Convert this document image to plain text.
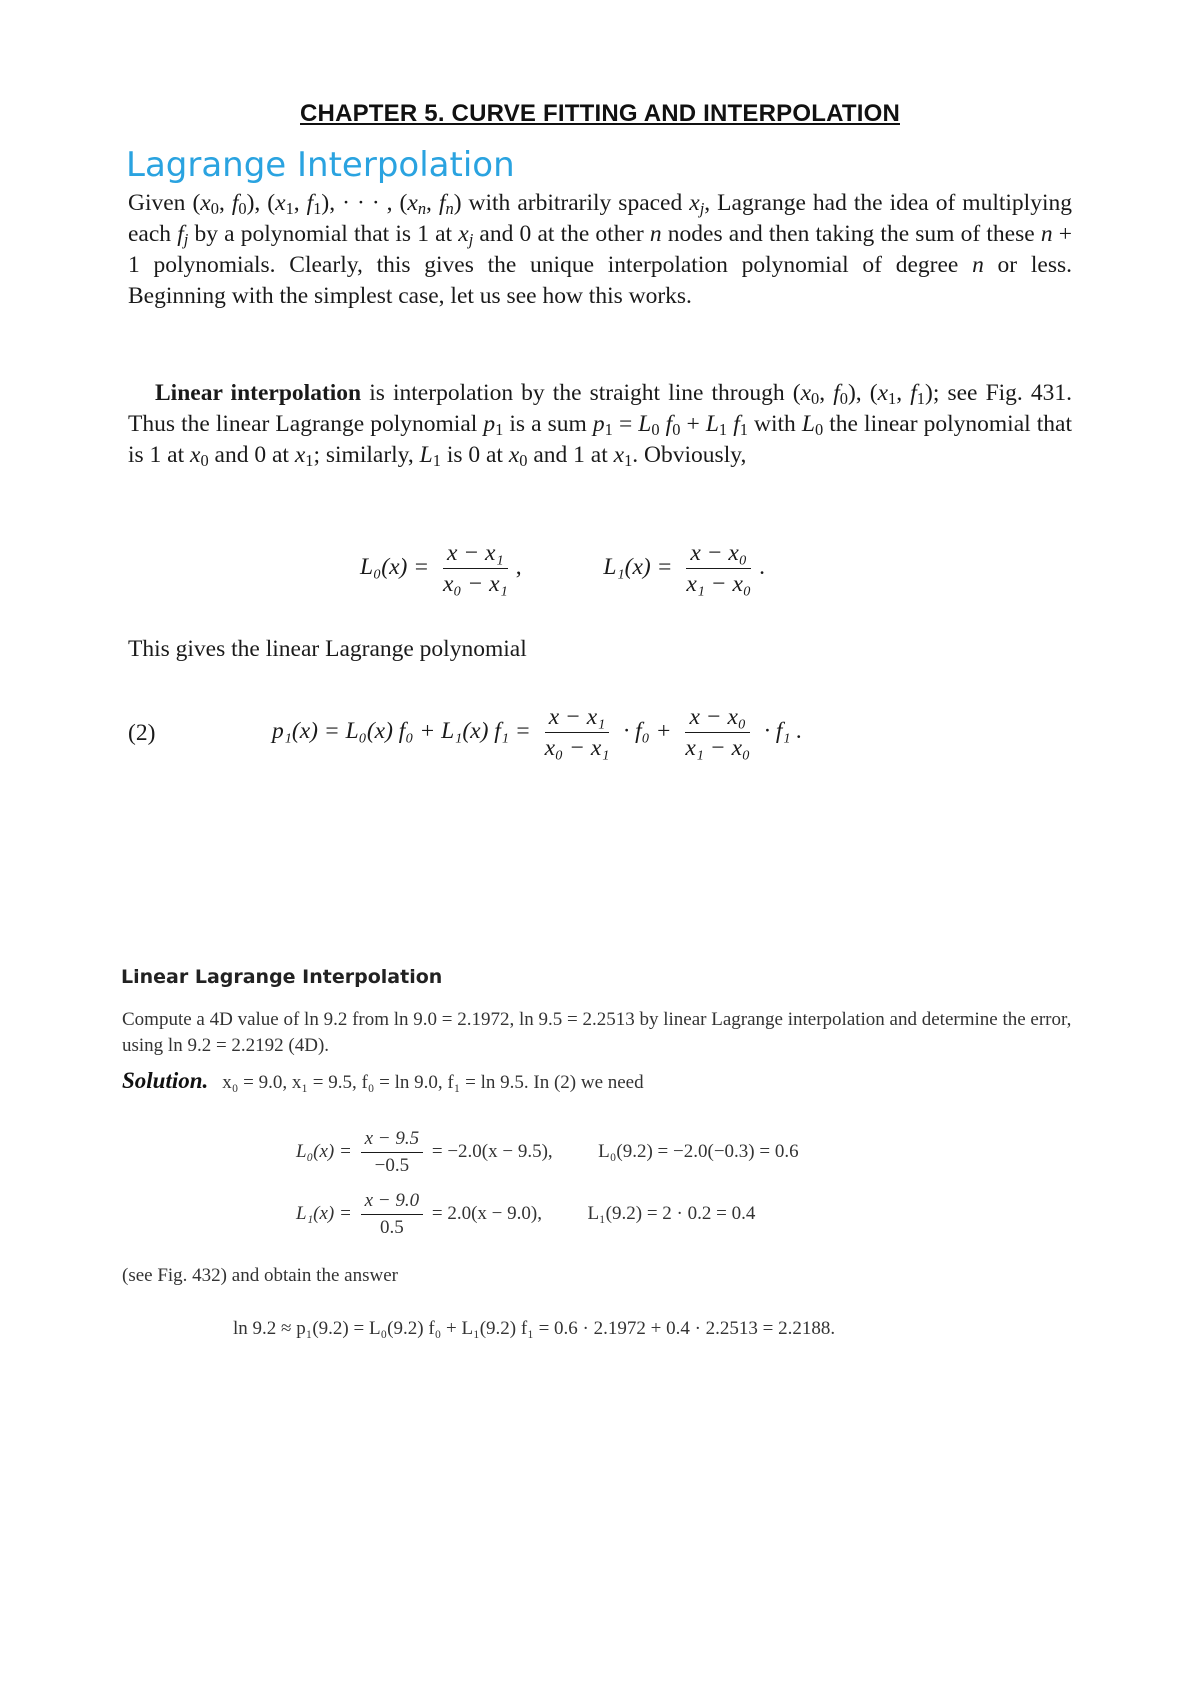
CHAPTER 5. CURVE FITTING AND INTERPOLATION
Lagrange Interpolation
Given ($x_0$, $f_0$), ($x_1$, $f_1$), · · · , ($x_n$, $f_n$) with arbitrarily spaced $x_j$, Lagrange had the idea of multiplying each $f_j$ by a polynomial that is 1 at $x_j$ and 0 at the other n nodes and then taking the sum of these n + 1 polynomials. Clearly, this gives the unique interpolation polynomial of degree n or less. Beginning with the simplest case, let us see how this works.
Linear interpolation is interpolation by the straight line through ($x_0$, $f_0$), ($x_1$, $f_1$); see Fig. 431. Thus the linear Lagrange polynomial $p_1$ is a sum $p_1 = L_0$ $f_0 + L_1$ $f_1$ with $L_0$ the linear polynomial that is 1 at $x_0$ and 0 at $x_1$; similarly, $L_1$ is 0 at $x_0$ and 1 at $x_1$. Obviously,
$L_0(x) = \frac{\text{x − x₁}}{\text{x₀ − x₁}}$ ,	$L_1(x) = \frac{\text{x − x₀}}{\text{x₁ − x₀}}$ .
This gives the linear Lagrange polynomial
(2)	p₁(x) = L₀(x) f₀ + L₁(x) $f_1 = \frac{\text{x − x₁}}{\text{x₀ − x₁}} \cdot f_0 + \frac{\text{x − x₀}}{\text{x₁ − x₀}} \cdot f_1$ .
Linear Lagrange Interpolation
Compute a 4D value of ln 9.2 from ln 9.0 = 2.1972, ln 9.5 = 2.2513 by linear Lagrange interpolation and determine the error, using ln 9.2 = 2.2192 (4D).
Solution. x₀ = 9.0, x₁ = 9.5, f₀ = ln 9.0, f₁ = ln 9.5. In (2) we need
$L_0(x) = \frac{x - 9.5}{-0.5} = -2.0(x - 9.5)$, L₀(9.2) = −2.0(−0.3) = 0.6
$L_1(x) = \frac{x - 9.0}{0.5} = 2.0(x - 9.0)$, L₁(9.2) = 2 · 0.2 = 0.4
(see Fig. 432) and obtain the answer
ln 9.2 ≈ p₁(9.2) = L₀(9.2) f₀ + L₁(9.2) f₁ = 0.6 · 2.1972 + 0.4 · 2.2513 = 2.2188.
